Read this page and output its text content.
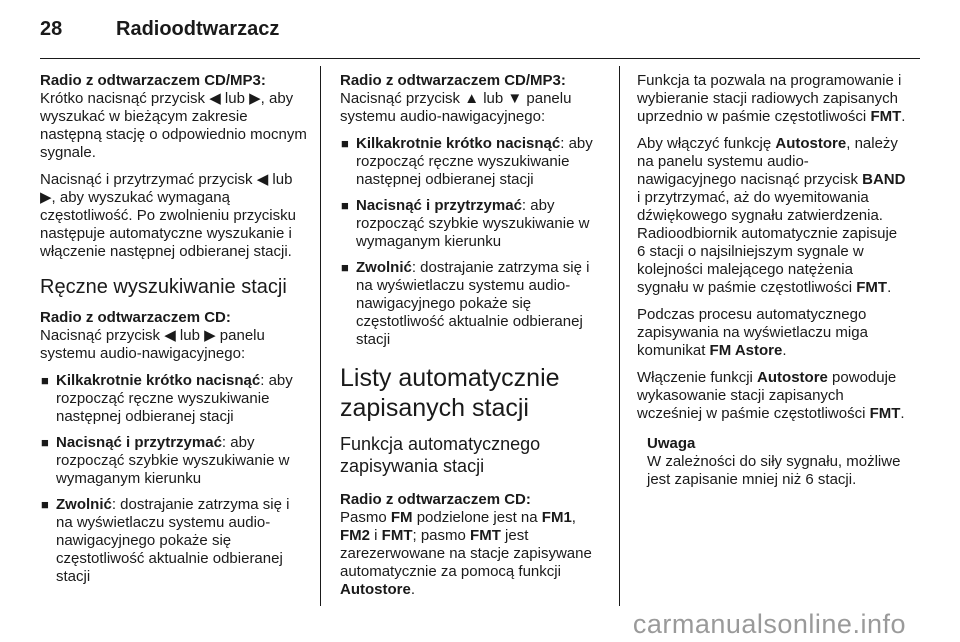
28	Radioodtwarzacz

Radio z odtwarzaczem CD/MP3:

Krótko nacisnąć przycisk ◀ lub ▶, aby wyszukać w bieżącym zakresie następną stację o odpowiednio mocnym sygnale.

Nacisnąć i przytrzymać przycisk ◀ lub ▶, aby wyszukać wymaganą częstotliwość. Po zwolnieniu przycisku następuje automatyczne wyszukanie i włączenie następnej odbieranej stacji.

Ręczne wyszukiwanie stacji

Radio z odtwarzaczem CD:

Nacisnąć przycisk ◀ lub ▶ panelu systemu audio-nawigacyjnego:

■ Kilkakrotnie krótko nacisnąć: aby rozpocząć ręczne wyszukiwanie następnej odbieranej stacji
■ Nacisnąć i przytrzymać: aby rozpocząć szybkie wyszukiwanie w wymaganym kierunku
■ Zwolnić: dostrajanie zatrzyma się i na wyświetlaczu systemu audio-nawigacyjnego pokaże się częstotliwość aktualnie odbieranej stacji

Radio z odtwarzaczem CD/MP3:

Nacisnąć przycisk ▲ lub ▼ panelu systemu audio-nawigacyjnego:

■ Kilkakrotnie krótko nacisnąć: aby rozpocząć ręczne wyszukiwanie następnej odbieranej stacji
■ Nacisnąć i przytrzymać: aby rozpocząć szybkie wyszukiwanie w wymaganym kierunku
■ Zwolnić: dostrajanie zatrzyma się i na wyświetlaczu systemu audio-nawigacyjnego pokaże się częstotliwość aktualnie odbieranej stacji
Listy automatycznie zapisanych stacji
Funkcja automatycznego zapisywania stacji

Radio z odtwarzaczem CD:

Pasmo FM podzielone jest na FM1, FM2 i FMT; pasmo FMT jest zarezerwowane na stacje zapisywane automatycznie za pomocą funkcji Autostore.

Funkcja ta pozwala na programowanie i wybieranie stacji radiowych zapisanych uprzednio w paśmie częstotliwości FMT.

Aby włączyć funkcję Autostore, należy na panelu systemu audio-nawigacyjnego nacisnąć przycisk BAND i przytrzymać, aż do wyemitowania dźwiękowego sygnału zatwierdzenia. Radioodbiornik automatycznie zapisuje 6 stacji o najsilniejszym sygnale w kolejności malejącego natężenia sygnału w paśmie częstotliwości FMT.

Podczas procesu automatycznego zapisywania na wyświetlaczu miga komunikat FM Astore.

Włączenie funkcji Autostore powoduje wykasowanie stacji zapisanych wcześniej w paśmie częstotliwości FMT.

Uwaga
W zależności do siły sygnału, możliwe jest zapisanie mniej niż 6 stacji.
carmanualsonline.info
